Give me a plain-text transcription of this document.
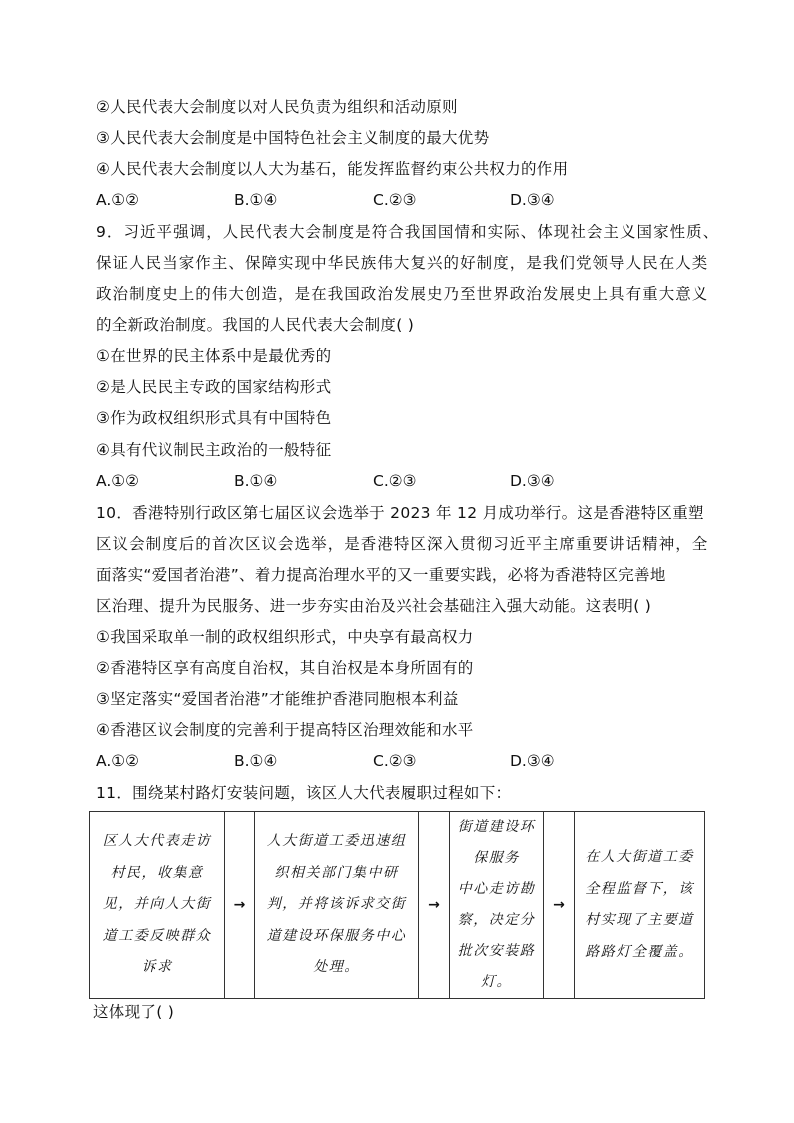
②人民代表大会制度以对人民负责为组织和活动原则
③人民代表大会制度是中国特色社会主义制度的最大优势
④人民代表大会制度以人大为基石，能发挥监督约束公共权力的作用
A.①②	B.①④	C.②③	D.③④
9．习近平强调，人民代表大会制度是符合我国国情和实际、体现社会主义国家性质、
保证人民当家作主、保障实现中华民族伟大复兴的好制度，是我们党领导人民在人类
政治制度史上的伟大创造，是在我国政治发展史乃至世界政治发展史上具有重大意义
的全新政治制度。我国的人民代表大会制度( )
①在世界的民主体系中是最优秀的
②是人民民主专政的国家结构形式
③作为政权组织形式具有中国特色
④具有代议制民主政治的一般特征
A.①②	B.①④	C.②③	D.③④
10．香港特别行政区第七届区议会选举于 2023 年 12 月成功举行。这是香港特区重塑
区议会制度后的首次区议会选举，是香港特区深入贯彻习近平主席重要讲话精神，全
面落实“爱国者治港”、着力提高治理水平的又一重要实践，必将为香港特区完善地
区治理、提升为民服务、进一步夯实由治及兴社会基础注入强大动能。这表明( )
①我国采取单一制的政权组织形式，中央享有最高权力
②香港特区享有高度自治权，其自治权是本身所固有的
③坚定落实“爱国者治港”才能维护香港同胞根本利益
④香港区议会制度的完善利于提高特区治理效能和水平
A.①②	B.①④	C.②③	D.③④
11．围绕某村路灯安装问题，该区人大代表履职过程如下：
区人大代表走访
村民，收集意
见，并向人大街
道工委反映群众
诉求
→
人大街道工委迅速组
织相关部门集中研
判，并将该诉求交街
道建设环保服务中心
处理。
→
街道建设环
保服务
中心走访勘
察，决定分
批次安装路
灯。
→
在人大街道工委
全程监督下，该
村实现了主要道
路路灯全覆盖。
这体现了( )
